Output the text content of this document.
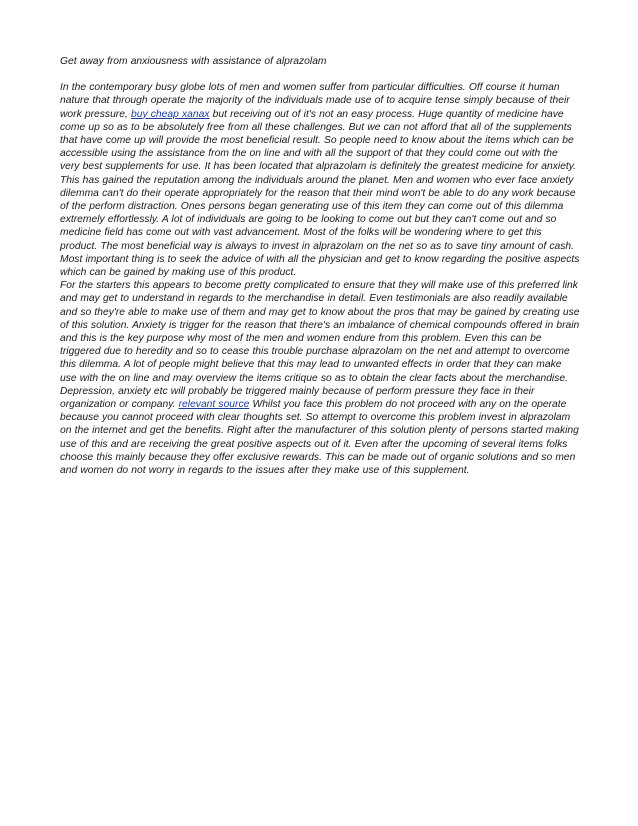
Get away from anxiousness with assistance of alprazolam

In the contemporary busy globe lots of men and women suffer from particular difficulties. Off course it human nature that through operate the majority of the individuals made use of to acquire tense simply because of their work pressure, buy cheap xanax but receiving out of it's not an easy process. Huge quantity of medicine have come up so as to be absolutely free from all these challenges. But we can not afford that all of the supplements that have come up will provide the most beneficial result. So people need to know about the items which can be accessible using the assistance from the on line and with all the support of that they could come out with the very best supplements for use. It has been located that alprazolam is definitely the greatest medicine for anxiety. This has gained the reputation among the individuals around the planet. Men and women who ever face anxiety dilemma can't do their operate appropriately for the reason that their mind won't be able to do any work because of the perform distraction. Ones persons began generating use of this item they can come out of this dilemma extremely effortlessly. A lot of individuals are going to be looking to come out but they can't come out and so medicine field has come out with vast advancement. Most of the folks will be wondering where to get this product. The most beneficial way is always to invest in alprazolam on the net so as to save tiny amount of cash. Most important thing is to seek the advice of with all the physician and get to know regarding the positive aspects which can be gained by making use of this product.

For the starters this appears to become pretty complicated to ensure that they will make use of this preferred link and may get to understand in regards to the merchandise in detail. Even testimonials are also readily available and so they're able to make use of them and may get to know about the pros that may be gained by creating use of this solution. Anxiety is trigger for the reason that there's an imbalance of chemical compounds offered in brain and this is the key purpose why most of the men and women endure from this problem. Even this can be triggered due to heredity and so to cease this trouble purchase alprazolam on the net and attempt to overcome this dilemma. A lot of people might believe that this may lead to unwanted effects in order that they can make use with the on line and may overview the items critique so as to obtain the clear facts about the merchandise.

Depression, anxiety etc will probably be triggered mainly because of perform pressure they face in their organization or company. relevant source Whilst you face this problem do not proceed with any on the operate because you cannot proceed with clear thoughts set. So attempt to overcome this problem invest in alprazolam on the internet and get the benefits. Right after the manufacturer of this solution plenty of persons started making use of this and are receiving the great positive aspects out of it. Even after the upcoming of several items folks choose this mainly because they offer exclusive rewards. This can be made out of organic solutions and so men and women do not worry in regards to the issues after they make use of this supplement.
